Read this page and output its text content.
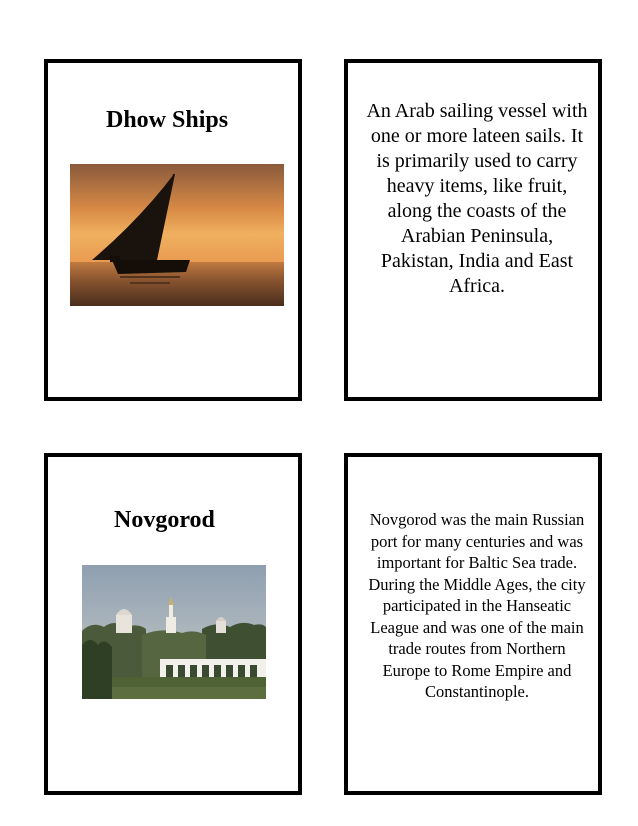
Dhow Ships	An Arab sailing vessel with one or more lateen sails. It is primarily used to carry heavy items, like fruit, along the coasts of the Arabian Peninsula, Pakistan, India and East Africa.
Novgorod	Novgorod was the main Russian port for many centuries and was important for Baltic Sea trade. During the Middle Ages, the city participated in the Hanseatic League and was one of the main trade routes from Northern Europe to Rome Empire and Constantinople.
